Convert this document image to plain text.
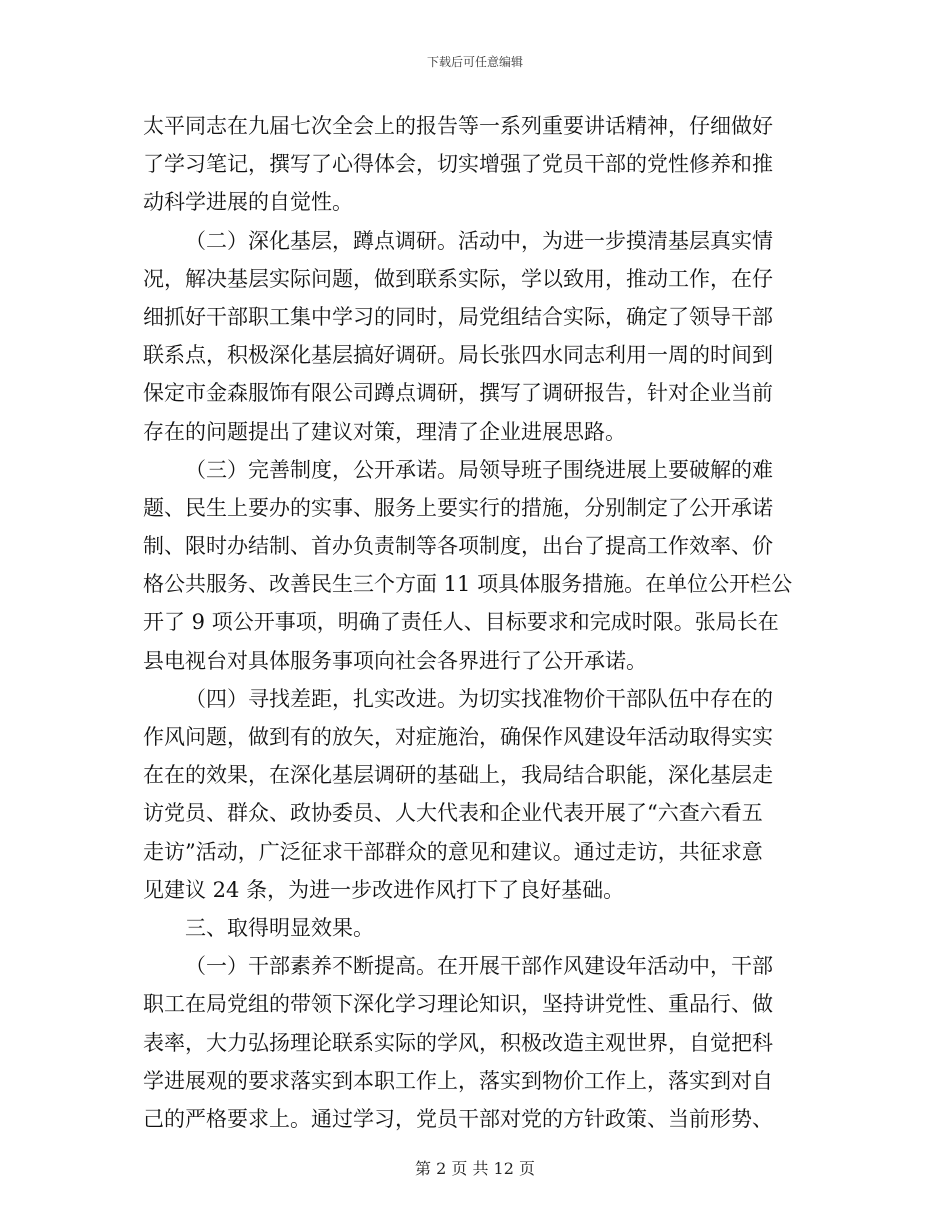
下载后可任意编辑
太平同志在九届七次全会上的报告等一系列重要讲话精神，仔细做好
了学习笔记，撰写了心得体会，切实增强了党员干部的党性修养和推
动科学进展的自觉性。
（二）深化基层，蹲点调研。活动中，为进一步摸清基层真实情
况，解决基层实际问题，做到联系实际，学以致用，推动工作，在仔
细抓好干部职工集中学习的同时，局党组结合实际，确定了领导干部
联系点，积极深化基层搞好调研。局长张四水同志利用一周的时间到
保定市金森服饰有限公司蹲点调研，撰写了调研报告，针对企业当前
存在的问题提出了建议对策，理清了企业进展思路。
（三）完善制度，公开承诺。局领导班子围绕进展上要破解的难
题、民生上要办的实事、服务上要实行的措施，分别制定了公开承诺
制、限时办结制、首办负责制等各项制度，出台了提高工作效率、价
格公共服务、改善民生三个方面 11 项具体服务措施。在单位公开栏公
开了 9 项公开事项，明确了责任人、目标要求和完成时限。张局长在
县电视台对具体服务事项向社会各界进行了公开承诺。
（四）寻找差距，扎实改进。为切实找准物价干部队伍中存在的
作风问题，做到有的放矢，对症施治，确保作风建设年活动取得实实
在在的效果，在深化基层调研的基础上，我局结合职能，深化基层走
访党员、群众、政协委员、人大代表和企业代表开展了“六查六看五
走访”活动，广泛征求干部群众的意见和建议。通过走访，共征求意
见建议 24 条，为进一步改进作风打下了良好基础。
三、取得明显效果。
（一）干部素养不断提高。在开展干部作风建设年活动中，干部
职工在局党组的带领下深化学习理论知识，坚持讲党性、重品行、做
表率，大力弘扬理论联系实际的学风，积极改造主观世界，自觉把科
学进展观的要求落实到本职工作上，落实到物价工作上，落实到对自
己的严格要求上。通过学习，党员干部对党的方针政策、当前形势、
第 2 页 共 12 页
